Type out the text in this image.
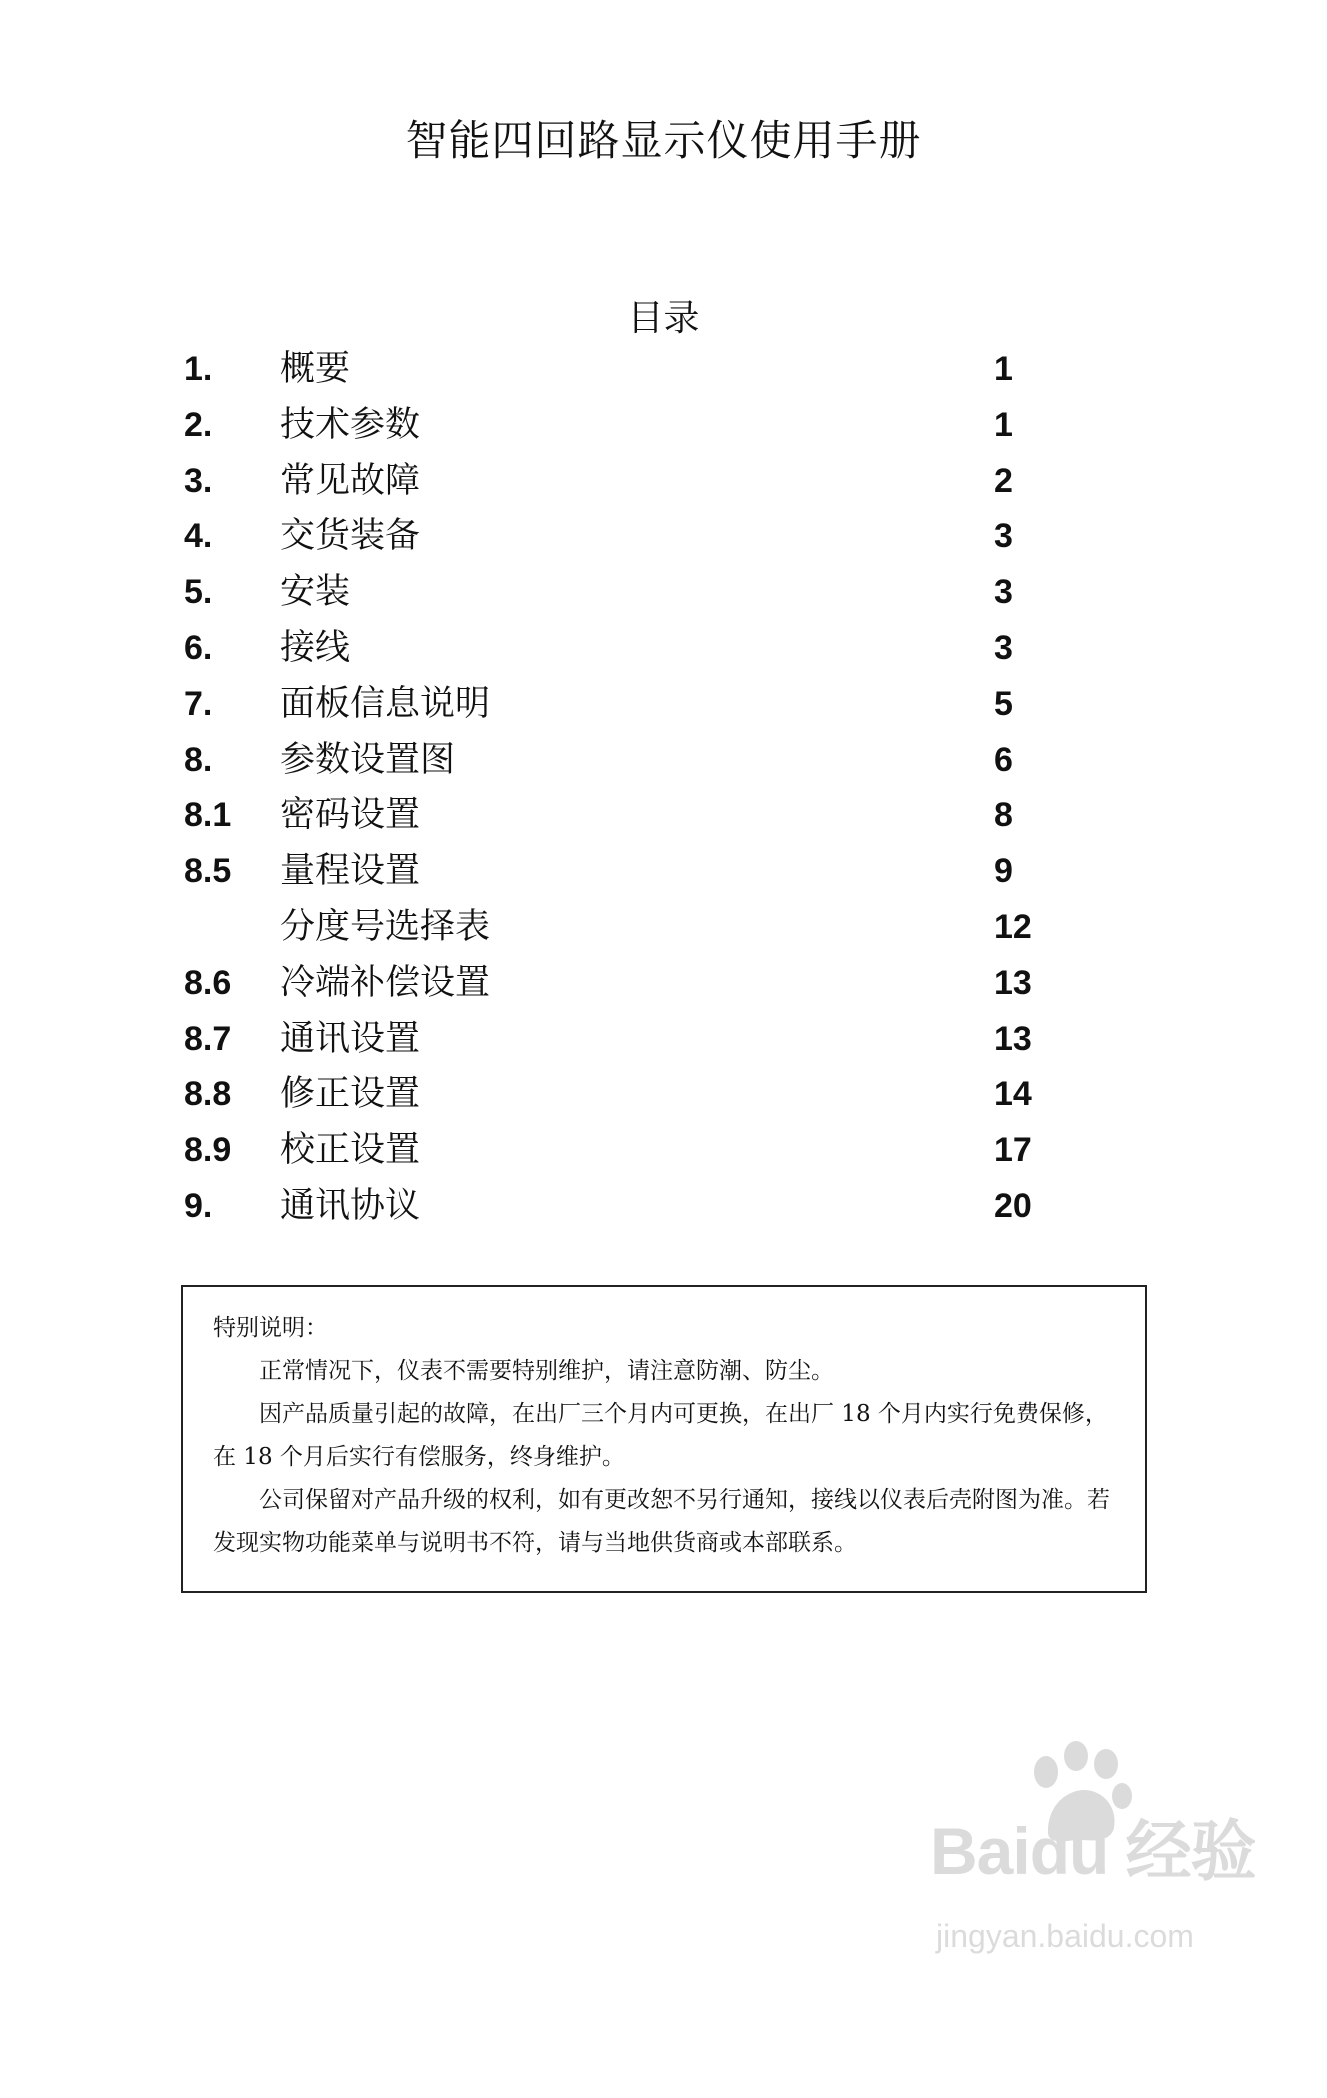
智能四回路显示仪使用手册
目录
1. 概要	1
2. 技术参数	1
3. 常见故障	2
4. 交货装备	3
5. 安装	3
6. 接线	3
7. 面板信息说明	5
8. 参数设置图	6
8.1 密码设置	8
8.5 量程设置	9
分度号选择表	12
8.6 冷端补偿设置	13
8.7 通讯设置	13
8.8 修正设置	14
8.9 校正设置	17
9. 通讯协议	20
特别说明：
正常情况下，仪表不需要特别维护，请注意防潮、防尘。
因产品质量引起的故障，在出厂三个月内可更换，在出厂 18 个月内实行免费保修，在 18 个月后实行有偿服务，终身维护。
公司保留对产品升级的权利，如有更改恕不另行通知，接线以仪表后壳附图为准。若发现实物功能菜单与说明书不符，请与当地供货商或本部联系。
Baidu 经验
jingyan.baidu.com
